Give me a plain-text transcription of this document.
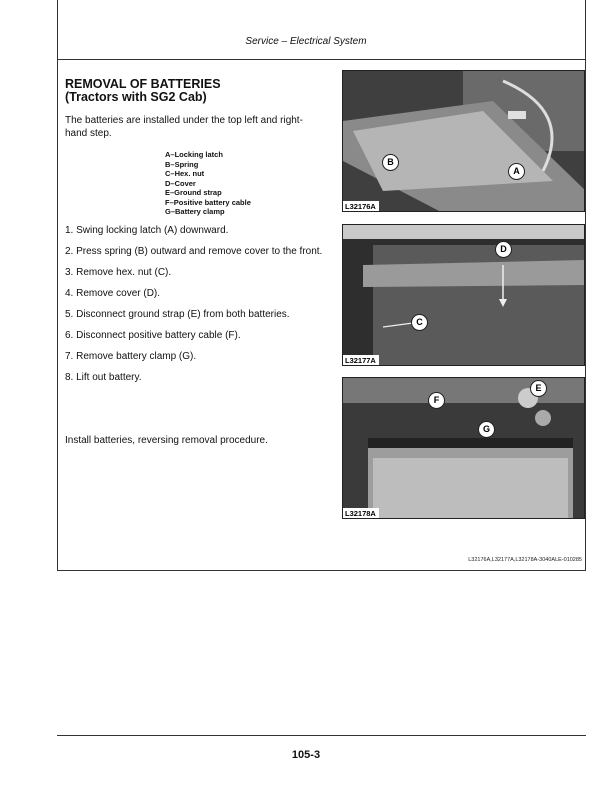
Service – Electrical System
REMOVAL OF BATTERIES
(Tractors with SG2 Cab)
The batteries are installed under the top left and right-hand step.
A–Locking latch
B–Spring
C–Hex. nut
D–Cover
E–Ground strap
F–Positive battery cable
G–Battery clamp
1. Swing locking latch (A) downward.
2. Press spring (B) outward and remove cover to the front.
3. Remove hex. nut (C).
4. Remove cover (D).
5. Disconnect ground strap (E) from both batteries.
6. Disconnect positive battery cable (F).
7. Remove battery clamp (G).
8. Lift out battery.
Install batteries, reversing removal procedure.
B
A
L32176A
D
C
L32177A
E
F
G
L32178A
L32176A,L32177A,L32178A-3040ALE-010285
105-3
